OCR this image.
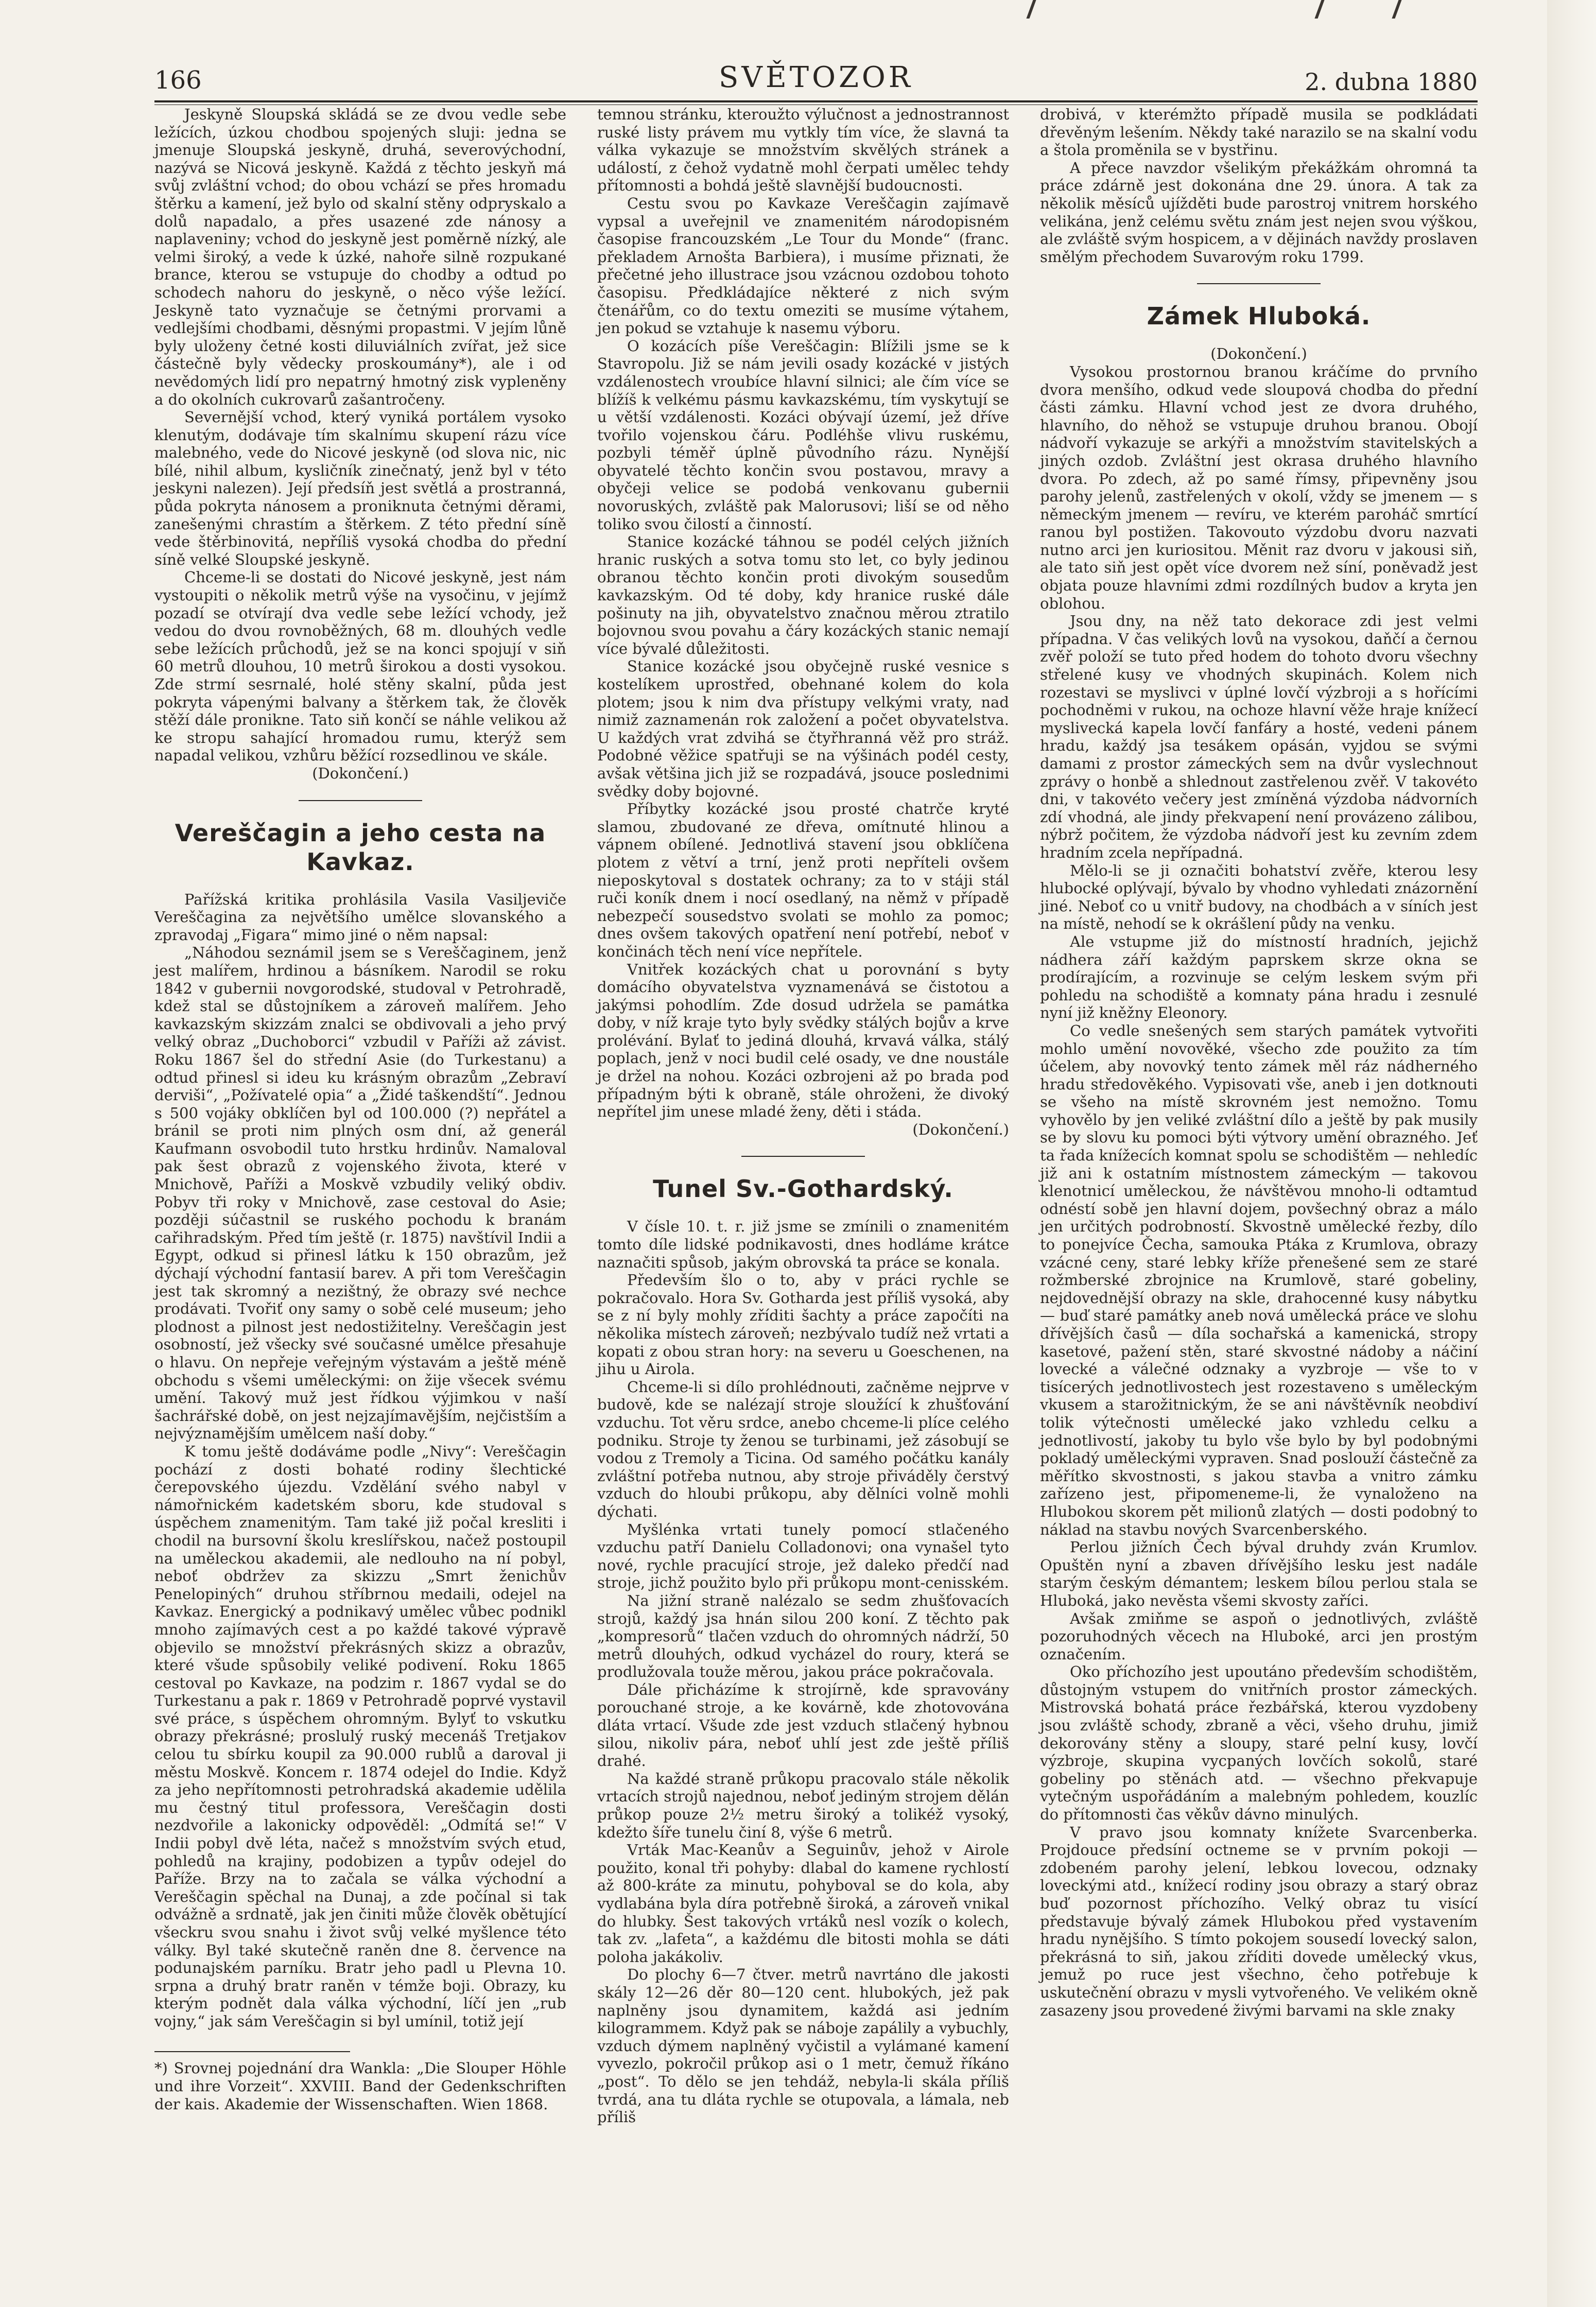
166	SVĚTOZOR	2. dubna 1880

Jeskyně Sloupská skládá se ze dvou vedle sebe ležících, úzkou chodbou spojených sluji: jedna se jmenuje Sloupská jeskyně, druhá, severovýchodní, nazývá se Nicová jeskyně. Každá z těchto jeskyň má svůj zvláštní vchod; do obou vchází se přes hromadu štěrku a kamení, jež bylo od skalní stěny odpryskalo a dolů napadalo, a přes usazené zde nánosy a naplaveniny; vchod do jeskyně jest poměrně nízký, ale velmi široký, a vede k úzké, nahoře silně rozpukané brance, kterou se vstupuje do chodby a odtud po schodech nahoru do jeskyně, o něco výše ležící. Jeskyně tato vyznačuje se četnými prorvami a vedlejšími chodbami, děsnými propastmi. V jejím lůně byly uloženy četné kosti diluviálních zvířat, jež sice částečně byly vědecky proskoumány*), ale i od nevědomých lidí pro nepatrný hmotný zisk vypleněny a do okolních cukrovarů zašantročeny.

Severnější vchod, který vyniká portálem vysoko klenutým, dodávaje tím skalnímu skupení rázu více malebného, vede do Nicové jeskyně (od slova nic, nic bílé, nihil album, kysličník zinečnatý, jenž byl v této jeskyni nalezen). Její předsíň jest světlá a prostranná, půda pokryta nánosem a proniknuta četnými děrami, zanešenými chrastím a štěrkem. Z této přední síně vede štěrbinovitá, nepříliš vysoká chodba do přední síně velké Sloupské jeskyně.

Chceme-li se dostati do Nicové jeskyně, jest nám vystoupiti o několik metrů výše na vysočinu, v jejímž pozadí se otvírají dva vedle sebe ležící vchody, jež vedou do dvou rovnoběžných, 68 m. dlouhých vedle sebe ležících průchodů, jež se na konci spojují v siň 60 metrů dlouhou, 10 metrů širokou a dosti vysokou. Zde strmí sesrnalé, holé stěny skalní, půda jest pokryta vápenými balvany a štěrkem tak, že člověk stěží dále pronikne. Tato siň končí se náhle velikou až ke stropu sahající hromadou rumu, kterýž sem napadal velikou, vzhůru běžící rozsedlinou ve skále.

(Dokončení.)

Vereščagin a jeho cesta na Kavkaz.

Pařížská kritika prohlásila Vasila Vasiljeviče Vereščagina za největšího umělce slovanského a zpravodaj „Figara“ mimo jiné o něm napsal:

„Náhodou seznámil jsem se s Vereščaginem, jenž jest malířem, hrdinou a básníkem. Narodil se roku 1842 v gubernii novgorodské, studoval v Petrohradě, kdež stal se důstojníkem a zároveň malířem. Jeho kavkazským skizzám znalci se obdivovali a jeho prvý velký obraz „Duchoborci“ vzbudil v Paříži až závist. Roku 1867 šel do střední Asie (do Turkestanu) a odtud přinesl si ideu ku krásným obrazům „Zebraví derviši“, „Požívatelé opia“ a „Židé taškendští“. Jednou s 500 vojáky obklíčen byl od 100.000 (?) nepřátel a bránil se proti nim plných osm dní, až generál Kaufmann osvobodil tuto hrstku hrdinův. Namaloval pak šest obrazů z vojenského života, které v Mnichově, Paříži a Moskvě vzbudily veliký obdiv. Pobyv tři roky v Mnichově, zase cestoval do Asie; později súčastnil se ruského pochodu k branám cařihradským. Před tím ještě (r. 1875) navštívil Indii a Egypt, odkud si přinesl látku k 150 obrazům, jež dýchají východní fantasií barev. A při tom Vereščagin jest tak skromný a nezištný, že obrazy své nechce prodávati. Tvořiť ony samy o sobě celé museum; jeho plodnost a pilnost jest nedostižitelny. Vereščagin jest osobností, jež všecky své současné umělce přesahuje o hlavu. On nepřeje veřejným výstavám a ještě méně obchodu s všemi uměleckými: on žije všecek svému umění. Takový muž jest řídkou výjimkou v naší šachrářské době, on jest nejzajímavějším, nejčistším a nejvýznamějším umělcem naší doby.“

K tomu ještě dodáváme podle „Nivy“: Vereščagin pochází z dosti bohaté rodiny šlechtické čerepovského újezdu. Vzdělání svého nabyl v námořnickém kadetském sboru, kde studoval s úspěchem znamenitým. Tam také již počal kresliti i chodil na bursovní školu kreslířskou, načež postoupil na uměleckou akademii, ale nedlouho na ní pobyl, neboť obdržev za skizzu „Smrt ženichův Penelopiných“ druhou stříbrnou medaili, odejel na Kavkaz. Energický a podnikavý umělec vůbec podnikl mnoho zajímavých cest a po každé takové výpravě objevilo se množství překrásných skizz a obrazův, které všude spůsobily veliké podivení. Roku 1865 cestoval po Kavkaze, na podzim r. 1867 vydal se do Turkestanu a pak r. 1869 v Petrohradě poprvé vystavil své práce, s úspěchem ohromným. Bylyť to vskutku obrazy překrásné; proslulý ruský mecenáš Tretjakov celou tu sbírku koupil za 90.000 rublů a daroval ji městu Moskvě. Koncem r. 1874 odejel do Indie. Když za jeho nepřítomnosti petrohradská akademie udělila mu čestný titul professora, Vereščagin dosti nezdvořile a lakonicky odpověděl: „Odmítá se!“ V Indii pobyl dvě léta, načež s množstvím svých etud, pohledů na krajiny, podobizen a typův odejel do Paříže. Brzy na to začala se válka východní a Vereščagin spěchal na Dunaj, a zde počínal si tak odvážně a srdnatě, jak jen činiti může člověk obětující všeckru svou snahu i život svůj velké myšlence této války. Byl také skutečně raněn dne 8. července na podunajském parníku. Bratr jeho padl u Plevna 10. srpna a druhý bratr raněn v témže boji. Obrazy, ku kterým podnět dala válka východní, líčí jen „rub vojny,“ jak sám Vereščagin si byl umínil, totiž její

*) Srovnej pojednání dra Wankla: „Die Slouper Höhle und ihre Vorzeit“. XXVIII. Band der Gedenkschriften der kais. Akademie der Wissenschaften. Wien 1868.

temnou stránku, kteroužto výlučnost a jednostrannost ruské listy právem mu vytkly tím více, že slavná ta válka vykazuje se množstvím skvělých stránek a událostí, z čehož vydatně mohl čerpati umělec tehdy přítomnosti a bohdá ještě slavnější budoucnosti.

Cestu svou po Kavkaze Vereščagin zajímavě vypsal a uveřejnil ve znamenitém národopisném časopise francouzském „Le Tour du Monde“ (franc. překladem Arnošta Barbiera), i musíme přiznati, že přečetné jeho illustrace jsou vzácnou ozdobou tohoto časopisu. Předkládajíce některé z nich svým čtenářům, co do textu omeziti se musíme výtahem, jen pokud se vztahuje k nasemu výboru.

O kozácích píše Vereščagin: Blížili jsme se k Stavropolu. Již se nám jevili osady kozácké v jistých vzdálenostech vroubíce hlavní silnici; ale čím více se blížíš k velkému pásmu kavkazskému, tím vyskytují se u větší vzdálenosti. Kozáci obývají území, jež dříve tvořilo vojenskou čáru. Podléhše vlivu ruskému, pozbyli téměř úplně původního rázu. Nynější obyvatelé těchto končin svou postavou, mravy a obyčeji velice se podobá venkovanu gubernii novoruských, zvláště pak Malorusovi; liší se od něho toliko svou čilostí a činností.

Stanice kozácké táhnou se podél celých jižních hranic ruských a sotva tomu sto let, co byly jedinou obranou těchto končin proti divokým sousedům kavkazským. Od té doby, kdy hranice ruské dále pošinuty na jih, obyvatelstvo značnou měrou ztratilo bojovnou svou povahu a čáry kozáckých stanic nemají více bývalé důležitosti.

Stanice kozácké jsou obyčejně ruské vesnice s kostelíkem uprostřed, obehnané kolem do kola plotem; jsou k nim dva přístupy velkými vraty, nad nimiž zaznamenán rok založení a počet obyvatelstva. U každých vrat zdvihá se čtyřhranná věž pro stráž. Podobné věžice spatřuji se na výšinách podél cesty, avšak většina jich již se rozpadává, jsouce poslednimi svědky doby bojovné.

Příbytky kozácké jsou prosté chatrče kryté slamou, zbudované ze dřeva, omítnuté hlinou a vápnem obílené. Jednotlivá stavení jsou obklíčena plotem z větví a trní, jenž proti nepříteli ovšem nieposkytoval s dostatek ochrany; za to v stáji stál ruči koník dnem i nocí osedlaný, na němž v případě nebezpečí sousedstvo svolati se mohlo za pomoc; dnes ovšem takových opatření není potřebí, neboť v končinách těch není více nepřítele.

Vnitřek kozáckých chat u porovnání s byty domácího obyvatelstva vyznamenává se čistotou a jakýmsi pohodlím. Zde dosud udržela se památka doby, v níž kraje tyto byly svědky stálých bojův a krve prolévání. Bylať to jediná dlouhá, krvavá válka, stálý poplach, jenž v noci budil celé osady, ve dne noustále je držel na nohou. Kozáci ozbrojeni až po brada pod případným býti k obraně, stále ohroženi, že divoký nepřítel jim unese mladé ženy, děti i stáda.

(Dokončení.)

Tunel Sv.-Gothardský.

V čísle 10. t. r. již jsme se zmínili o znamenitém tomto díle lidské podnikavosti, dnes hodláme krátce naznačiti spůsob, jakým obrovská ta práce se konala.

Především šlo o to, aby v práci rychle se pokračovalo. Hora Sv. Gotharda jest příliš vysoká, aby se z ní byly mohly zříditi šachty a práce započíti na několika místech zároveň; nezbývalo tudíž než vrtati a kopati z obou stran hory: na severu u Goeschenen, na jihu u Airola.

Chceme-li si dílo prohlédnouti, začněme nejprve v budově, kde se nalézají stroje sloužící k zhušťování vzduchu. Tot věru srdce, anebo chceme-li plíce celého podniku. Stroje ty ženou se turbinami, jež zásobují se vodou z Tremoly a Ticina. Od samého počátku kanály zvláštní potřeba nutnou, aby stroje přiváděly čerstvý vzduch do hloubi průkopu, aby dělníci volně mohli dýchati.

Myšlénka vrtati tunely pomocí stlačeného vzduchu patří Danielu Colladonovi; ona vynašel tyto nové, rychle pracující stroje, jež daleko předčí nad stroje, jichž použito bylo při průkopu mont-cenisském.

Na jižní straně nalézalo se sedm zhušťovacích strojů, každý jsa hnán silou 200 koní. Z těchto pak „kompresorů“ tlačen vzduch do ohromných nádrží, 50 metrů dlouhých, odkud vycházel do roury, která se prodlužovala touže měrou, jakou práce pokračovala.

Dále přicházíme k strojírně, kde spravovány porouchané stroje, a ke kovárně, kde zhotovována dláta vrtací. Všude zde jest vzduch stlačený hybnou silou, nikoliv pára, neboť uhlí jest zde ještě příliš drahé.

Na každé straně průkopu pracovalo stále několik vrtacích strojů najednou, neboť jediným strojem dělán průkop pouze 2½ metru široký a tolikéž vysoký, kdežto šíře tunelu činí 8, výše 6 metrů.

Vrták Mac-Keanův a Seguinův, jehož v Airole použito, konal tři pohyby: dlabal do kamene rychlostí až 800-kráte za minutu, pohyboval se do kola, aby vydlabána byla díra potřebně široká, a zároveň vnikal do hlubky. Šest takových vrtáků nesl vozík o kolech, tak zv. „lafeta“, a každému dle bitosti mohla se dáti poloha jakákoliv.

Do plochy 6—7 čtver. metrů navrtáno dle jakosti skály 12—26 děr 80—120 cent. hlubokých, jež pak naplněny jsou dynamitem, každá asi jedním kilogrammem. Když pak se náboje zapálily a vybuchly, vzduch dýmem naplněný vyčistil a vylámané kamení vyvezlo, pokročil průkop asi o 1 metr, čemuž říkáno „post“. To dělo se jen tehdáž, nebyla-li skála příliš tvrdá, ana tu dláta rychle se otupovala, a lámala, neb příliš

drobivá, v kterémžto případě musila se podkládati dřevěným lešením. Někdy také narazilo se na skalní vodu a štola proměnila se v bystřinu.

A přece navzdor všelikým překážkám ohromná ta práce zdárně jest dokonána dne 29. února. A tak za několik měsíců ujížděti bude parostroj vnitrem horského velikána, jenž celému světu znám jest nejen svou výškou, ale zvláště svým hospicem, a v dějinách navždy proslaven smělým přechodem Suvarovým roku 1799.

Zámek Hluboká.

(Dokončení.)

Vysokou prostornou branou kráčíme do prvního dvora menšího, odkud vede sloupová chodba do přední části zámku. Hlavní vchod jest ze dvora druhého, hlavního, do něhož se vstupuje druhou branou. Obojí nádvoří vykazuje se arkýři a množstvím stavitelských a jiných ozdob. Zvláštní jest okrasa druhého hlavního dvora. Po zdech, až po samé římsy, připevněny jsou parohy jelenů, zastřelených v okolí, vždy se jmenem — s německým jmenem — revíru, ve kterém paroháč smrtící ranou byl postižen. Takovouto výzdobu dvoru nazvati nutno arci jen kuriositou. Měnit raz dvoru v jakousi siň, ale tato siň jest opět více dvorem než síní, poněvadž jest objata pouze hlavními zdmi rozdílných budov a kryta jen oblohou.

Jsou dny, na něž tato dekorace zdi jest velmi případna. V čas velikých lovů na vysokou, daňčí a černou zvěř položí se tuto před hodem do tohoto dvoru všechny střelené kusy ve vhodných skupinách. Kolem nich rozestavi se myslivci v úplné lovčí výzbroji a s hořícími pochodněmi v rukou, na ochoze hlavní věže hraje knížecí myslivecká kapela lovčí fanfáry a hosté, vedeni pánem hradu, každý jsa tesákem opásán, vyjdou se svými damami z prostor zámeckých sem na dvůr vyslechnout zprávy o honbě a shlednout zastřelenou zvěř. V takovéto dni, v takovéto večery jest zmíněná výzdoba nádvorních zdí vhodná, ale jindy překvapení není provázeno zálibou, nýbrž počitem, že výzdoba nádvoří jest ku zevním zdem hradním zcela nepřípadná.

Mělo-li se ji označiti bohatství zvěře, kterou lesy hlubocké oplývají, bývalo by vhodno vyhledati znázornění jiné. Neboť co u vnitř budovy, na chodbách a v síních jest na místě, nehodí se k okrášlení půdy na venku.

Ale vstupme již do místností hradních, jejichž nádhera září každým paprskem skrze okna se prodírajícím, a rozvinuje se celým leskem svým při pohledu na schodiště a komnaty pána hradu i zesnulé nyní již kněžny Eleonory.

Co vedle snešených sem starých památek vytvořiti mohlo umění novověké, všecho zde použito za tím účelem, aby novovký tento zámek měl ráz nádherného hradu středověkého. Vypisovati vše, aneb i jen dotknouti se všeho na místě skrovném jest nemožno. Tomu vyhovělo by jen veliké zvláštní dílo a ještě by pak musily se by slovu ku pomoci býti výtvory umění obrazného. Jeť ta řada knížecích komnat spolu se schodištěm — nehledíc již ani k ostatním místnostem zámeckým — takovou klenotnicí uměleckou, že návštěvou mnoho-li odtamtud odnéstí sobě jen hlavní dojem, povšechný obraz a málo jen určitých podrobností. Skvostně umělecké řezby, dílo to ponejvíce Čecha, samouka Ptáka z Krumlova, obrazy vzácné ceny, staré lebky kříže přenešené sem ze staré rožmberské zbrojnice na Krumlově, staré gobeliny, nejdovednější obrazy na skle, drahocenné kusy nábytku — buď staré památky aneb nová umělecká práce ve slohu dřívějších časů — díla sochařská a kamenická, stropy kasetové, pažení stěn, staré skvostné nádoby a náčiní lovecké a válečné odznaky a vyzbroje — vše to v tisícerých jednotlivostech jest rozestaveno s uměleckým vkusem a starožitnickým, že se ani návštěvník neobdiví tolik výtečnosti umělecké jako vzhledu celku a jednotlivostí, jakoby tu bylo vše bylo by byl podobnými pokladý uměleckými vypraven. Snad poslouží částečně za měřítko skvostnosti, s jakou stavba a vnitro zámku zařízeno jest, připomeneme-li, že vynaloženo na Hlubokou skorem pět milionů zlatých — dosti podobný to náklad na stavbu nových Svarcenberského.

Perlou jižních Čech býval druhdy zván Krumlov. Opuštěn nyní a zbaven dřívějšího lesku jest nadále starým českým démantem; leskem bílou perlou stala se Hluboká, jako nevěsta všemi skvosty zaříci.

Avšak zmiňme se aspoň o jednotlivých, zvláště pozoruhodných věcech na Hluboké, arci jen prostým označením.

Oko příchozího jest upoutáno především schodištěm, důstojným vstupem do vnitřních prostor zámeckých. Mistrovská bohatá práce řezbářská, kterou vyzdobeny jsou zvláště schody, zbraně a věci, všeho druhu, jimiž dekorovány stěny a sloupy, staré pelní kusy, lovčí výzbroje, skupina vycpaných lovčích sokolů, staré gobeliny po stěnách atd. — všechno překvapuje vytečným uspořádáním a malebným pohledem, kouzlíc do přítomnosti čas věkův dávno minulých.

V pravo jsou komnaty knížete Svarcenberka. Projdouce předsíní octneme se v prvním pokoji — zdobeném parohy jelení, lebkou lovecou, odznaky loveckými atd., knížecí rodiny jsou obrazy a starý obraz buď pozornost příchozího. Velký obraz tu visící představuje bývalý zámek Hlubokou před vystavením hradu nynějšího. S tímto pokojem sousedí lovecký salon, překrásná to siň, jakou zříditi dovede umělecký vkus, jemuž po ruce jest všechno, čeho potřebuje k uskutečnění obrazu v mysli vytvořeného. Ve velikém okně zasazeny jsou provedené živými barvami na skle znaky
